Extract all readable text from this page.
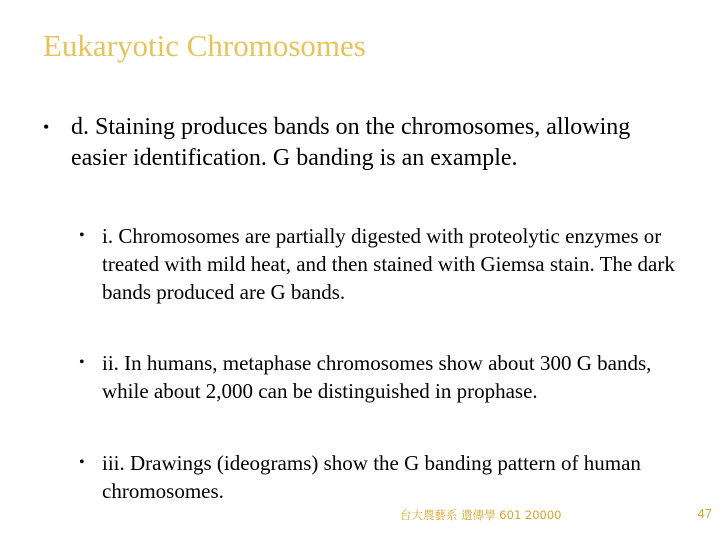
Eukaryotic Chromosomes
• d. Staining produces bands on the chromosomes, allowing easier identification. G banding is an example.
• i. Chromosomes are partially digested with proteolytic enzymes or treated with mild heat, and then stained with Giemsa stain. The dark bands produced are G bands.
• ii. In humans, metaphase chromosomes show about 300 G bands, while about 2,000 can be distinguished in prophase.
• iii. Drawings (ideograms) show the G banding pattern of human chromosomes.
台大農藝系 遺傳學 601 20000	47
